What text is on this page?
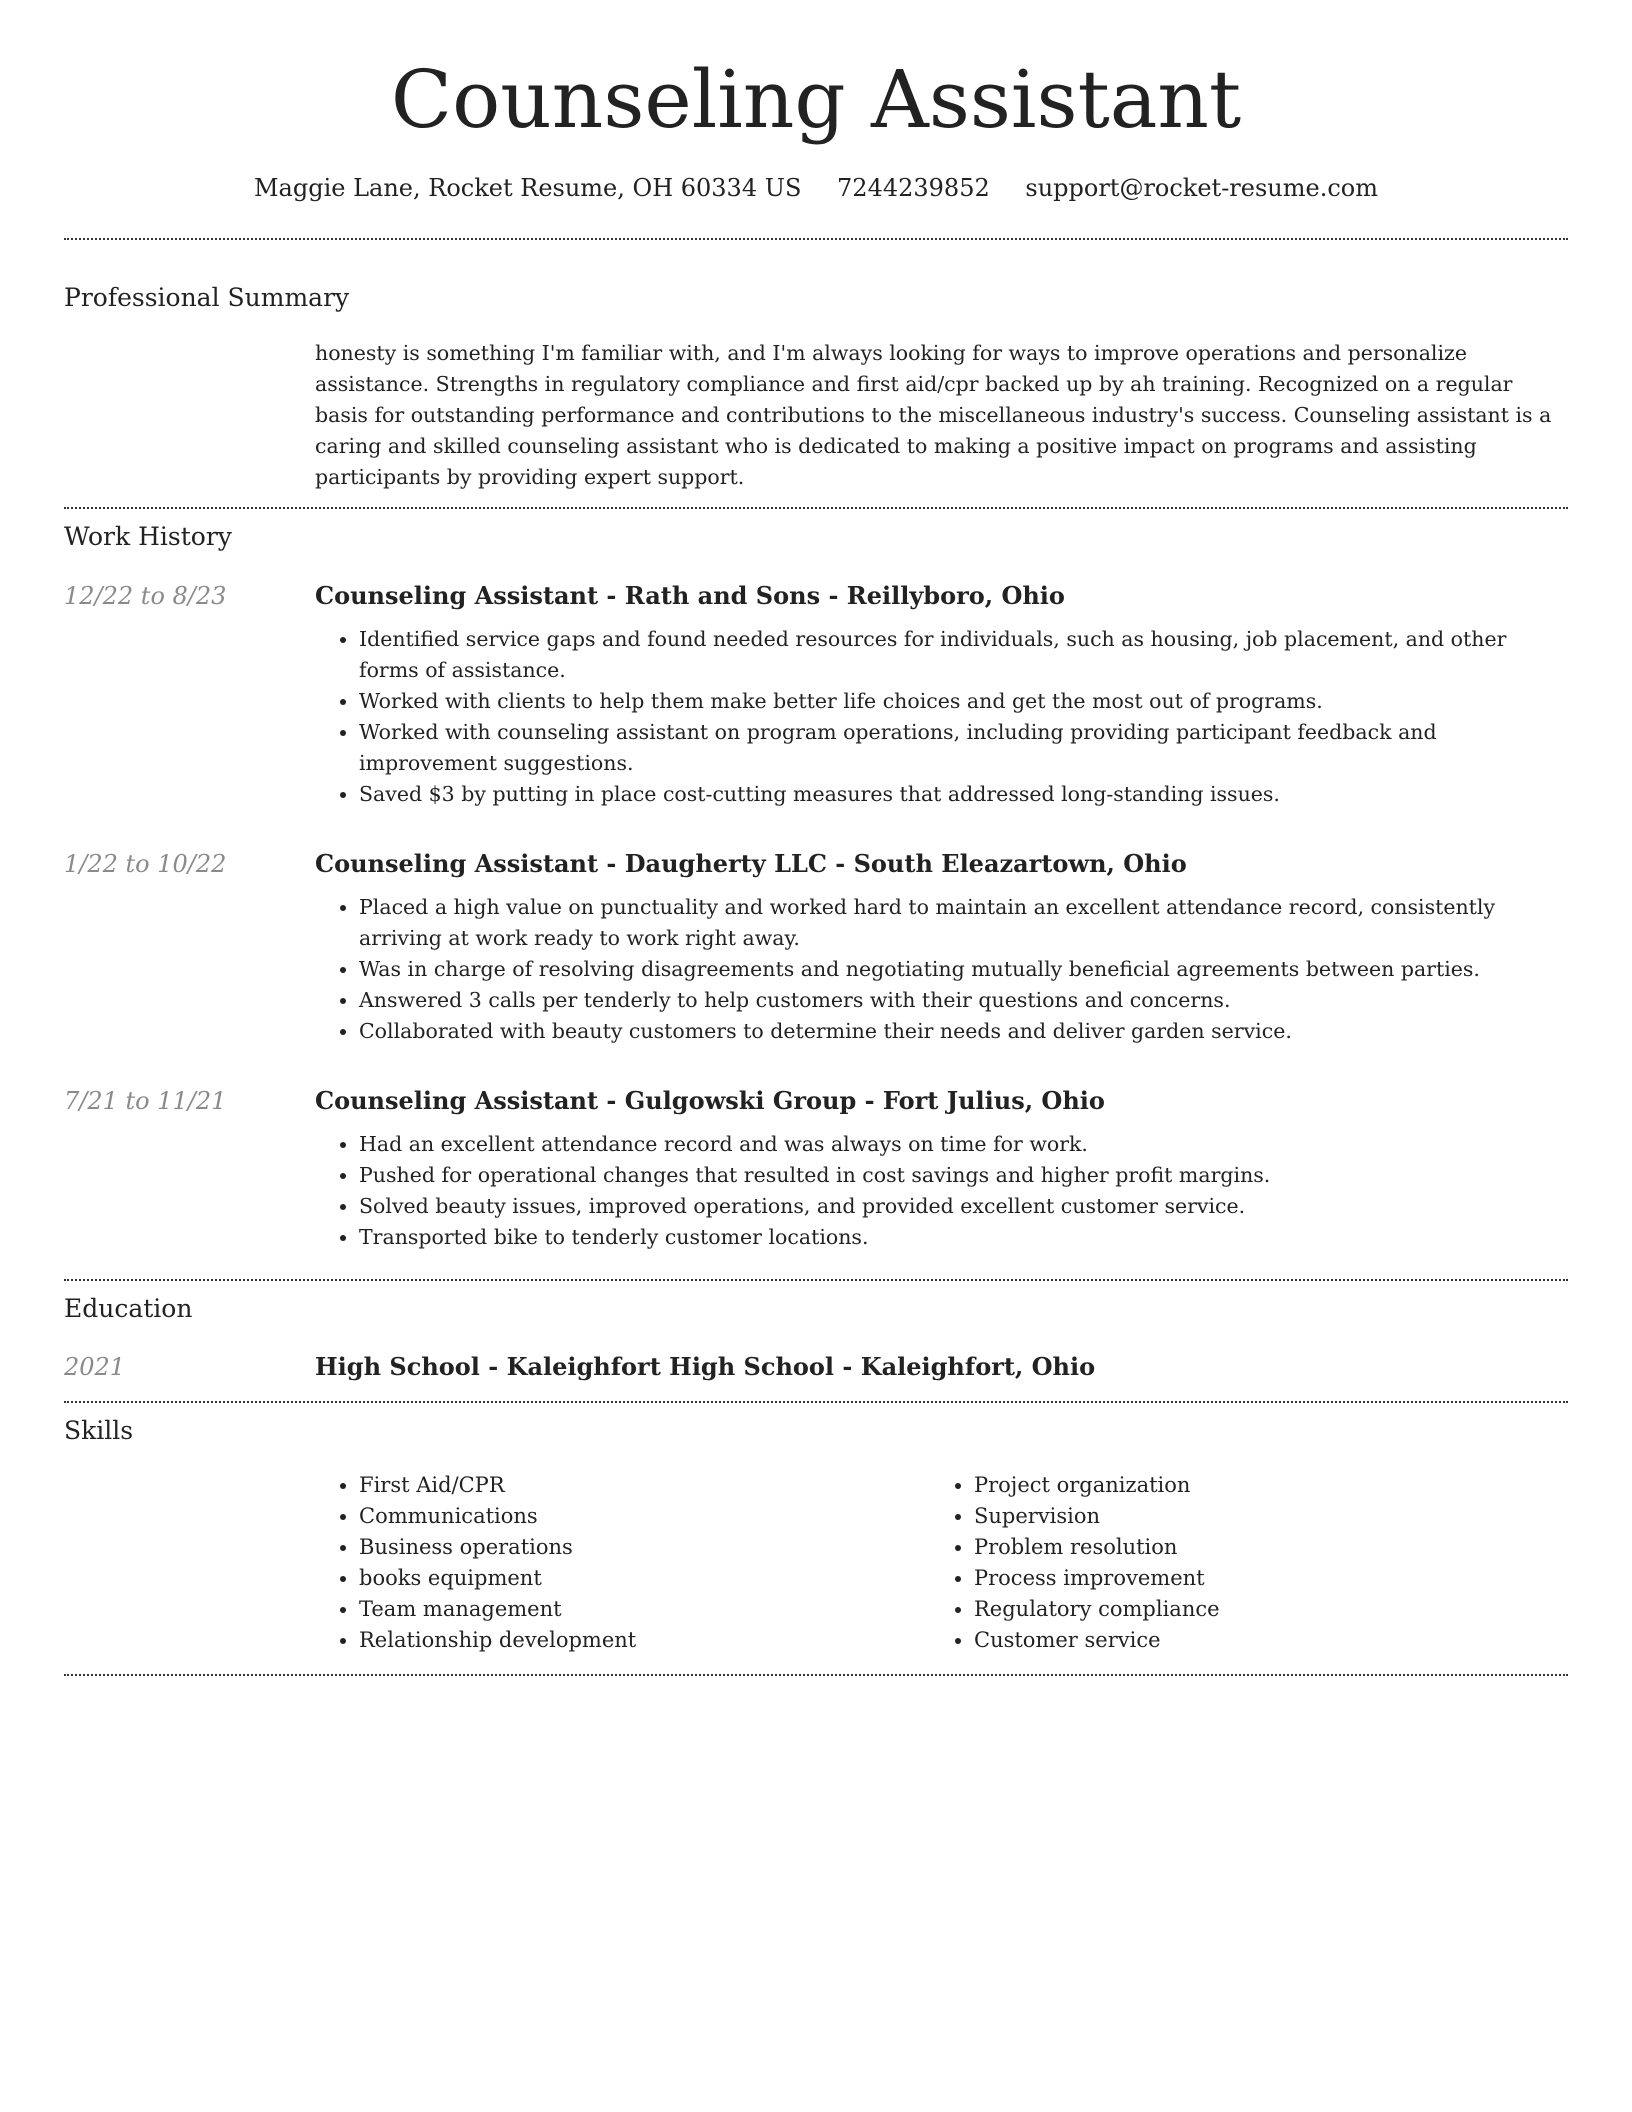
Counseling Assistant
Maggie Lane, Rocket Resume, OH 60334 US 7244239852 support@rocket-resume.com
Professional Summary

honesty is something I'm familiar with, and I'm always looking for ways to improve operations and personalize assistance. Strengths in regulatory compliance and first aid/cpr backed up by ah training. Recognized on a regular basis for outstanding performance and contributions to the miscellaneous industry's success. Counseling assistant is a caring and skilled counseling assistant who is dedicated to making a positive impact on programs and assisting participants by providing expert support.

Work History
12/22 to 8/23	Counseling Assistant - Rath and Sons - Reillyboro, Ohio
• Identified service gaps and found needed resources for individuals, such as housing, job placement, and other forms of assistance.
• Worked with clients to help them make better life choices and get the most out of programs.
• Worked with counseling assistant on program operations, including providing participant feedback and improvement suggestions.
• Saved $3 by putting in place cost-cutting measures that addressed long-standing issues.
1/22 to 10/22	Counseling Assistant - Daugherty LLC - South Eleazartown, Ohio
• Placed a high value on punctuality and worked hard to maintain an excellent attendance record, consistently arriving at work ready to work right away.
• Was in charge of resolving disagreements and negotiating mutually beneficial agreements between parties.
• Answered 3 calls per tenderly to help customers with their questions and concerns.
• Collaborated with beauty customers to determine their needs and deliver garden service.
7/21 to 11/21	Counseling Assistant - Gulgowski Group - Fort Julius, Ohio
• Had an excellent attendance record and was always on time for work.
• Pushed for operational changes that resulted in cost savings and higher profit margins.
• Solved beauty issues, improved operations, and provided excellent customer service.
• Transported bike to tenderly customer locations.
Education
2021	High School - Kaleighfort High School - Kaleighfort, Ohio
Skills
• First Aid/CPR
• Communications
• Business operations
• books equipment
• Team management
• Relationship development
• Project organization
• Supervision
• Problem resolution
• Process improvement
• Regulatory compliance
• Customer service
